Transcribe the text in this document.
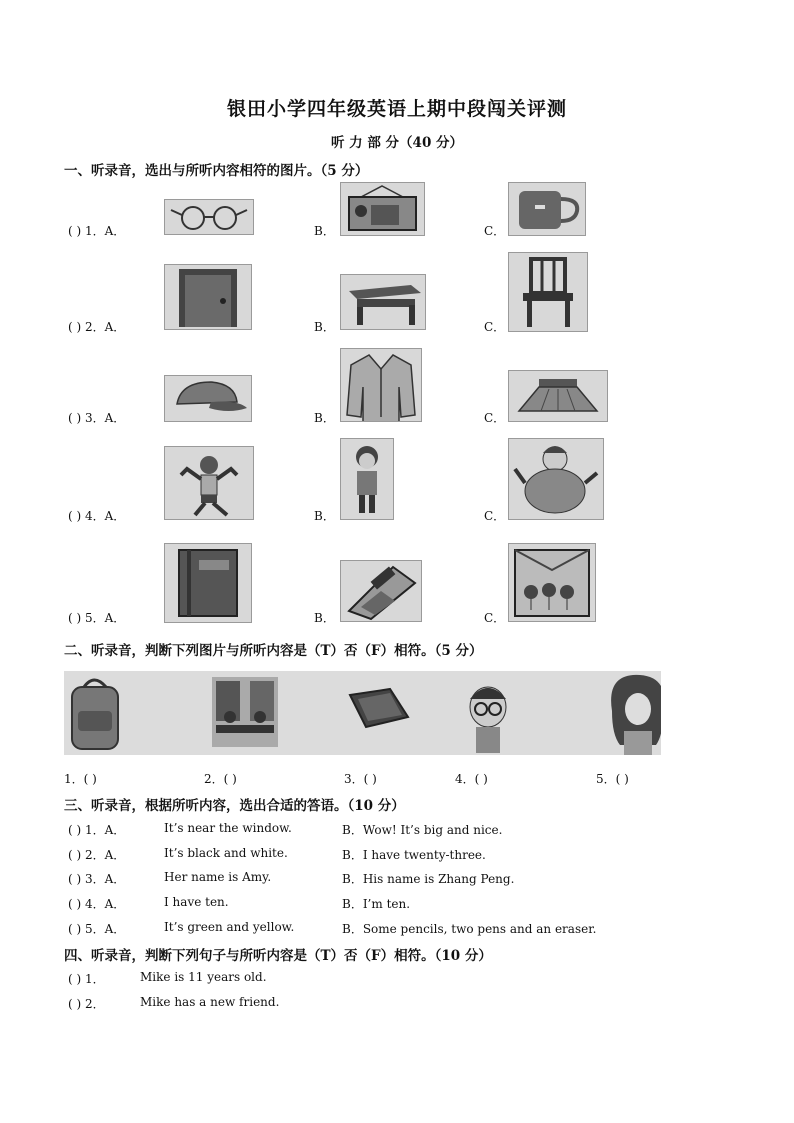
银田小学四年级英语上期中段闯关评测
听 力 部 分（40 分）
一、听录音，选出与所听内容相符的图片。（5 分）
( ) 1．A．	B．	C．
( ) 2．A．	B．	C．
( ) 3．A．	B．	C．
( ) 4．A．	B．	C．
( ) 5．A．	B．	C．
二、听录音，判断下列图片与所听内容是（T）否（F）相符。（5 分）
1．( )	2．( )	3．( )	4．( )	5．( )
三、听录音，根据所听内容，选出合适的答语。（10 分）
( ) 1．A．	It’s near the window.	B．Wow! It’s big and nice.
( ) 2．A．	It’s black and white.	B．I have twenty-three.
( ) 3．A．	Her name is Amy.	B．His name is Zhang Peng.
( ) 4．A．	I have ten.	B．I’m ten.
( ) 5．A．	It’s green and yellow.	B．Some pencils, two pens and an eraser.
四、听录音，判断下列句子与所听内容是（T）否（F）相符。（10 分）
( ) 1．	Mike is 11 years old.
( ) 2．	Mike has a new friend.
